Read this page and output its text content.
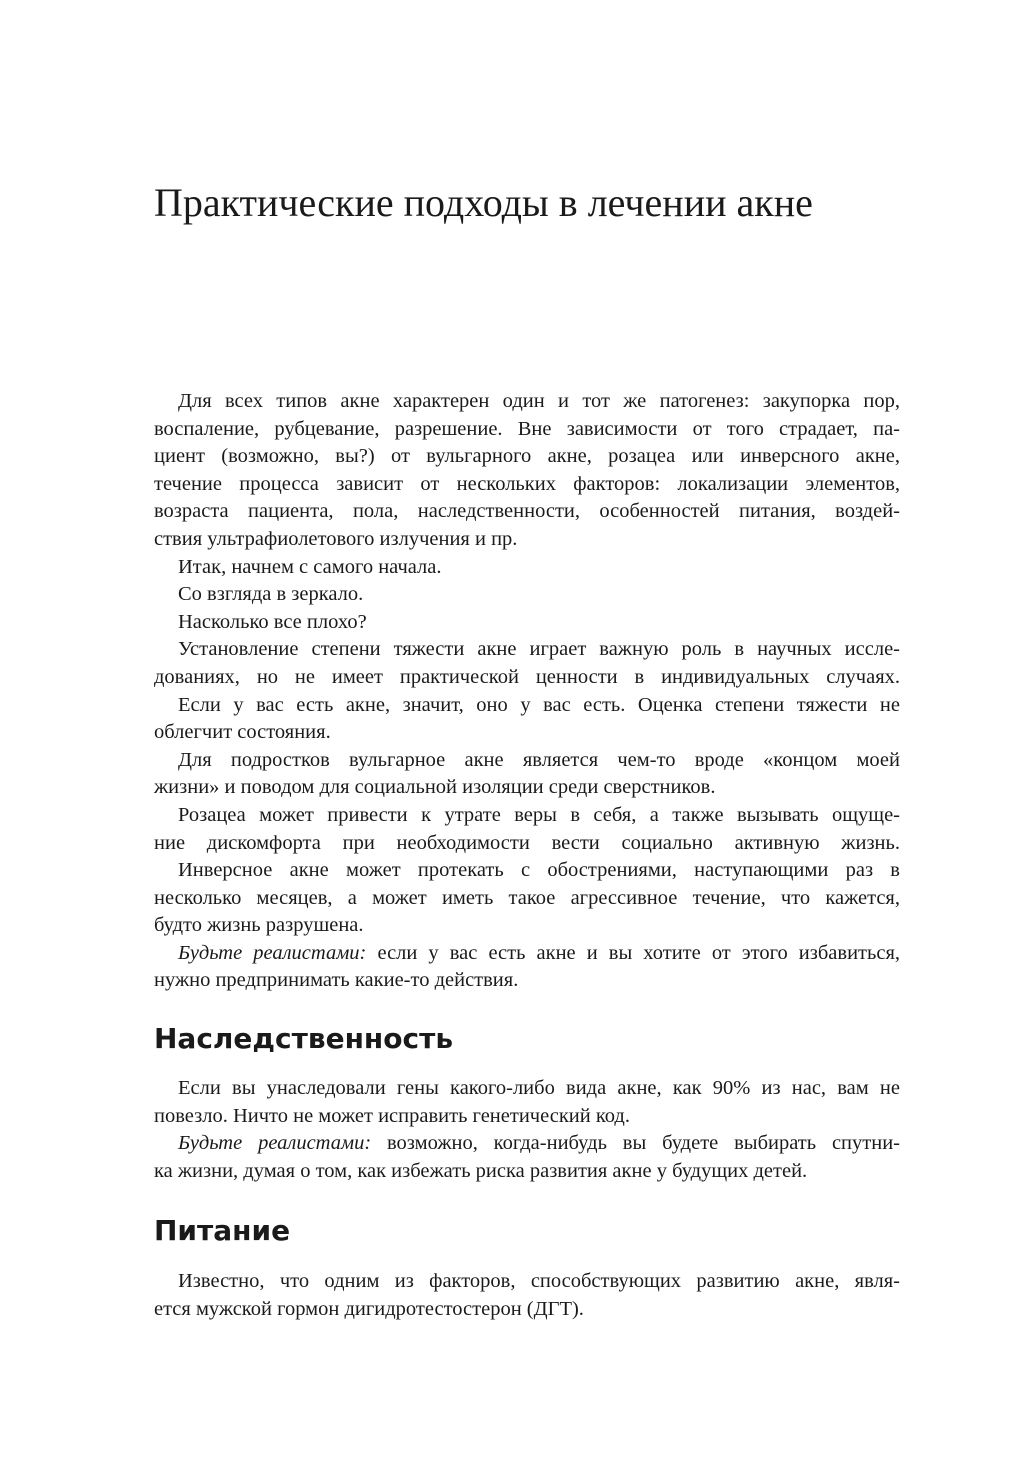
Практические подходы в лечении акне
Для всех типов акне характерен один и тот же патогенез: закупорка пор,
воспаление, рубцевание, разрешение. Вне зависимости от того страдает, па-
циент (возможно, вы?) от вульгарного акне, розацеа или инверсного акне,
течение процесса зависит от нескольких факторов: локализации элементов,
возраста пациента, пола, наследственности, особенностей питания, воздей-
ствия ультрафиолетового излучения и пр.
Итак, начнем с самого начала.
Со взгляда в зеркало.
Насколько все плохо?
Установление степени тяжести акне играет важную роль в научных иссле-
дованиях, но не имеет практической ценности в индивидуальных случаях.
Если у вас есть акне, значит, оно у вас есть. Оценка степени тяжести не
облегчит состояния.
Для подростков вульгарное акне является чем-то вроде «концом моей
жизни» и поводом для социальной изоляции среди сверстников.
Розацеа может привести к утрате веры в себя, а также вызывать ощуще-
ние дискомфорта при необходимости вести социально активную жизнь.
Инверсное акне может протекать с обострениями, наступающими раз в
несколько месяцев, а может иметь такое агрессивное течение, что кажется,
будто жизнь разрушена.
Будьте реалистами: если у вас есть акне и вы хотите от этого избавиться,
нужно предпринимать какие-то действия.
Наследственность
Если вы унаследовали гены какого-либо вида акне, как 90% из нас, вам не
повезло. Ничто не может исправить генетический код.
Будьте реалистами: возможно, когда-нибудь вы будете выбирать спутни-
ка жизни, думая о том, как избежать риска развития акне у будущих детей.
Питание
Известно, что одним из факторов, способствующих развитию акне, явля-
ется мужской гормон дигидротестостерон (ДГТ).
